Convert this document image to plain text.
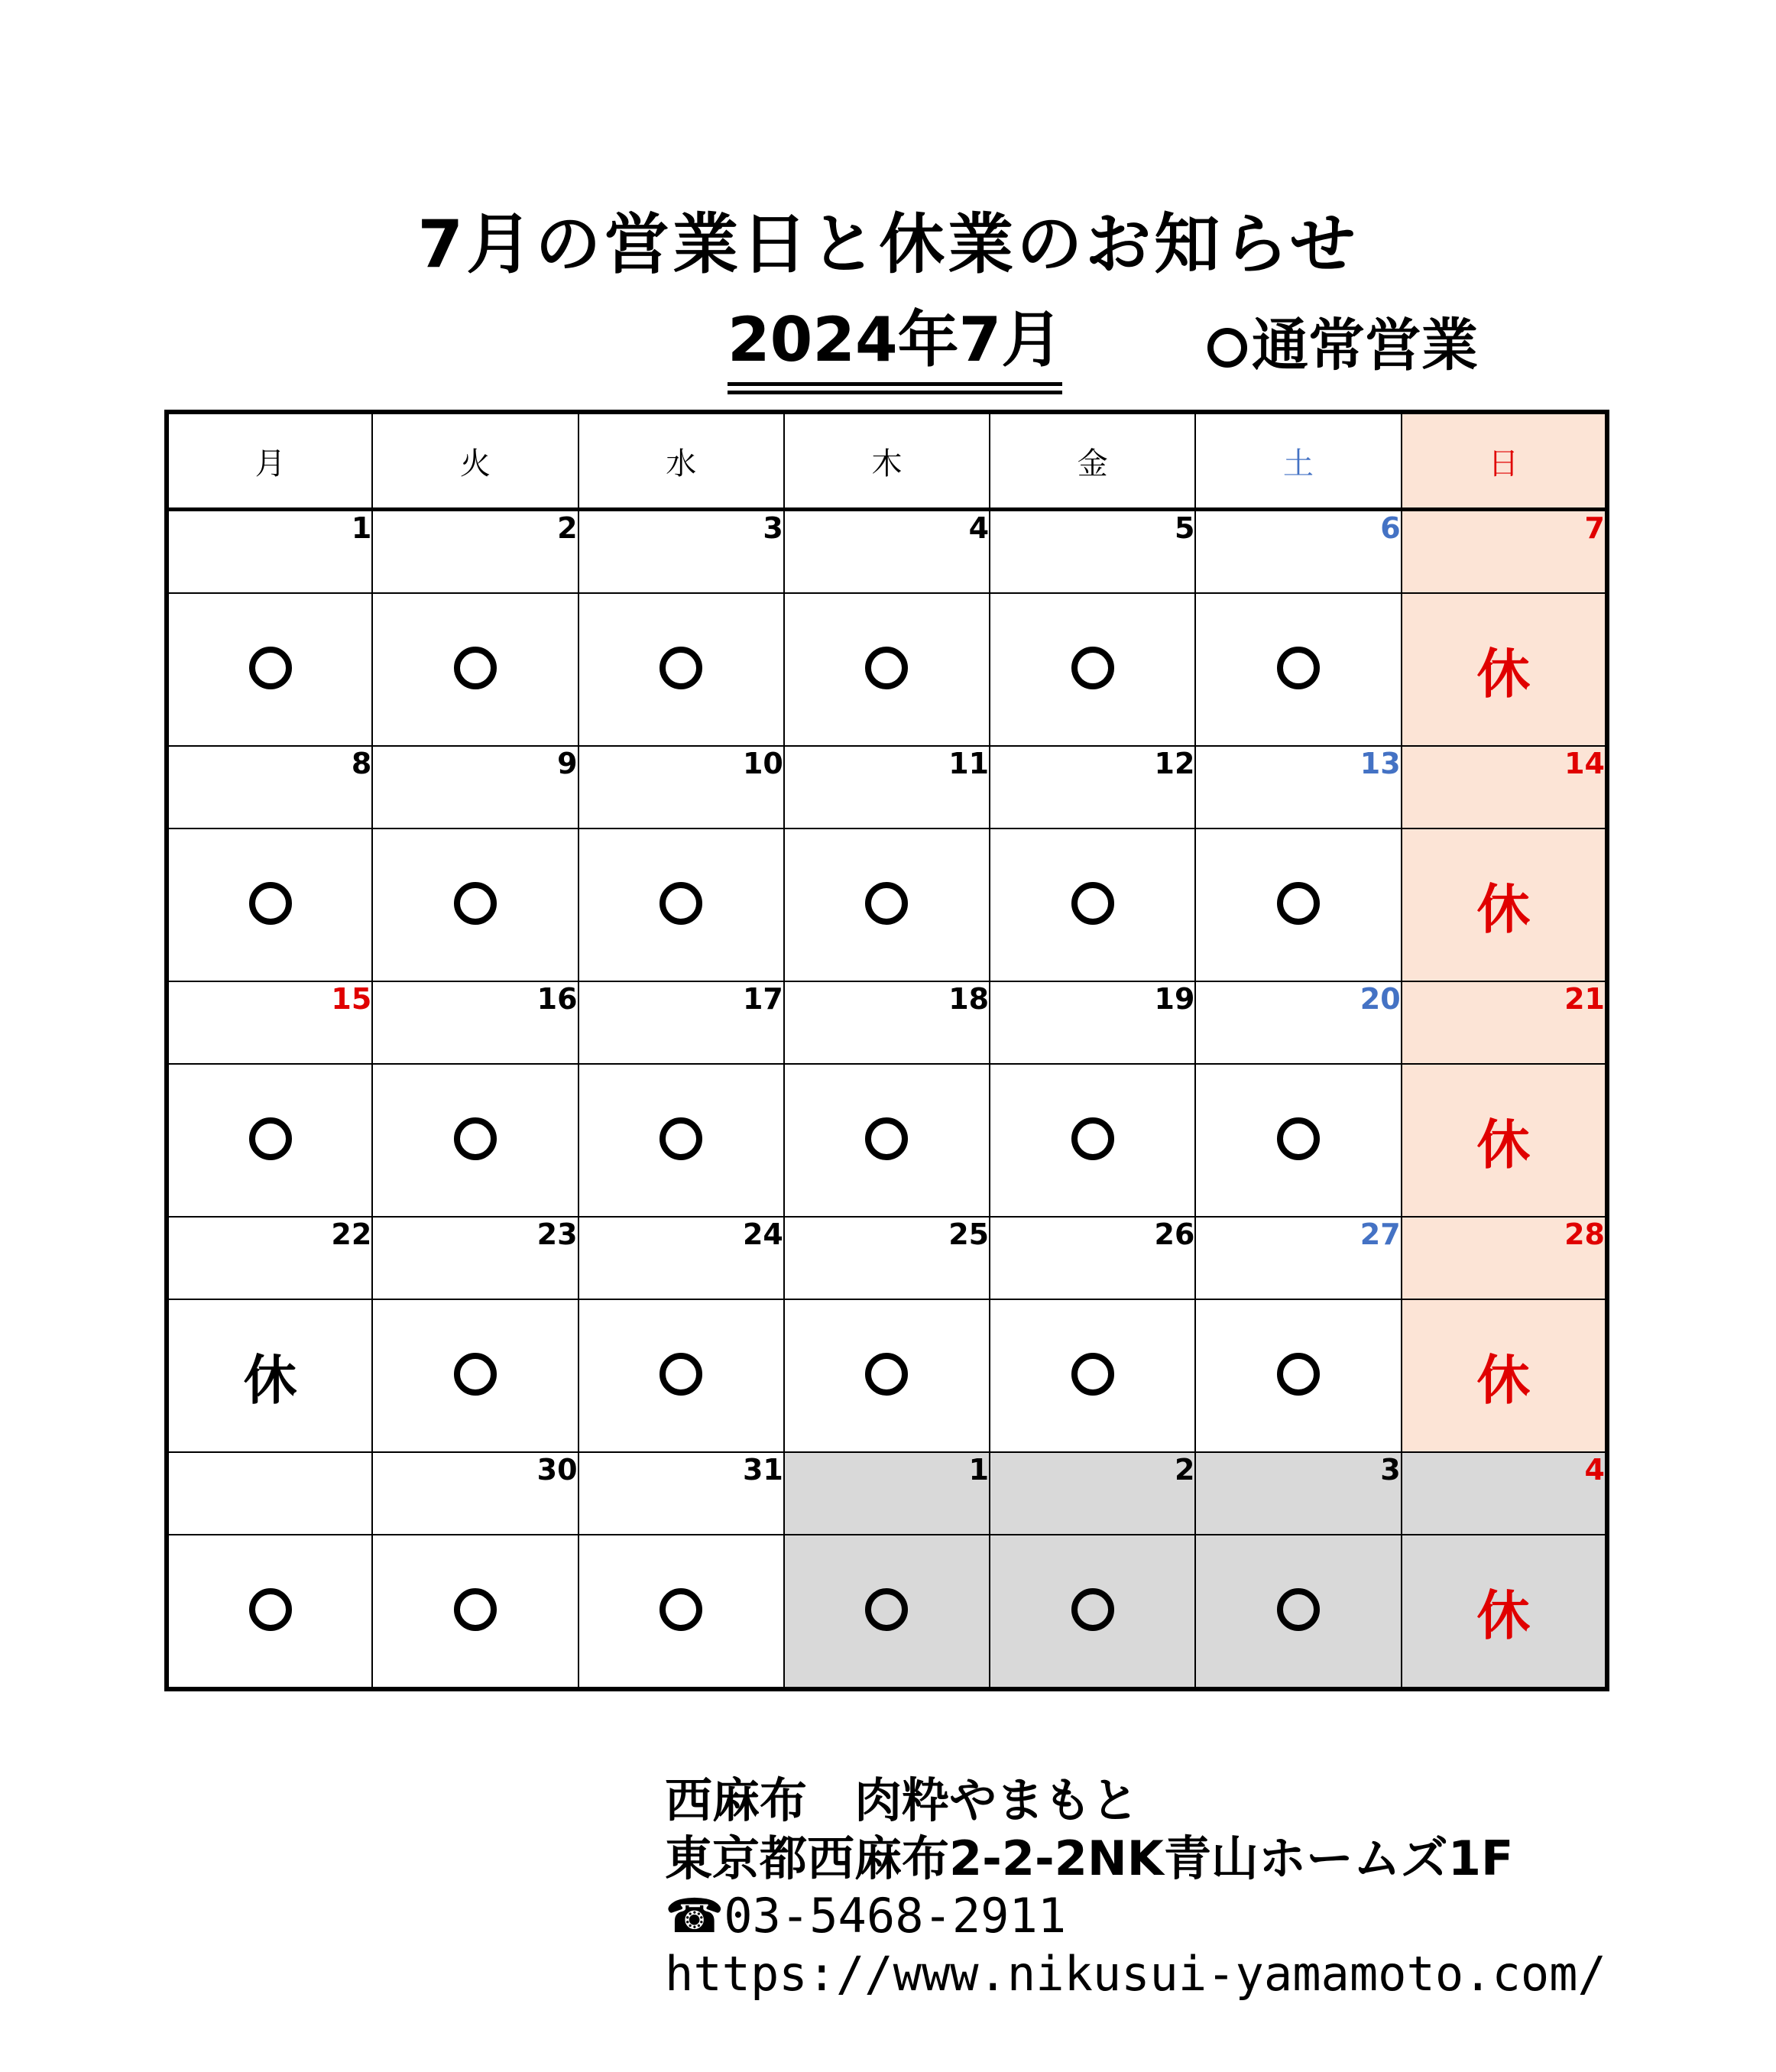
7月の営業日と休業のお知らせ
2024年7月	通常営業
月	火	水	木	金	土	日
1	2	3	4	5	6	7
						休
8	9	10	11	12	13	14
						休
15	16	17	18	19	20	21
						休
22	23	24	25	26	27	28
休						休
	30	31	1	2	3	4
						休
西麻布　肉粋やまもと
東京都西麻布2-2-2NK青山ホームズ1F
☎03-5468-2911
https://www.nikusui-yamamoto.com/
